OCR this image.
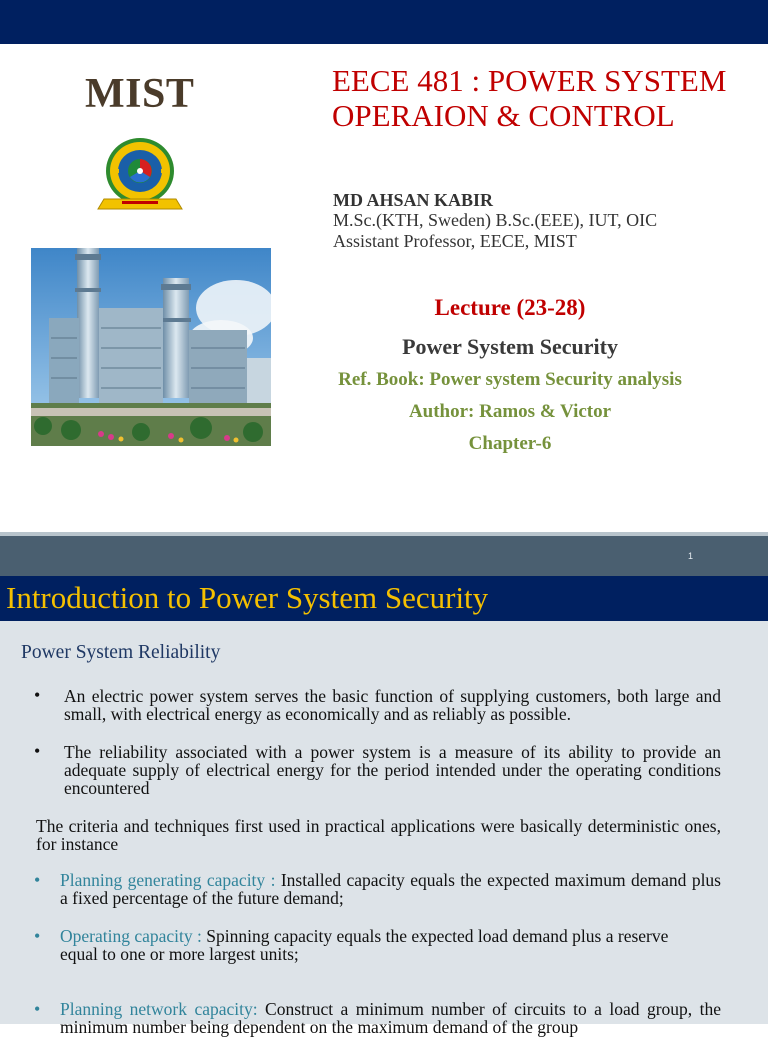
MIST	EECE 481 : POWER SYSTEM OPERAION & CONTROL
MD AHSAN KABIR
M.Sc.(KTH, Sweden) B.Sc.(EEE), IUT, OIC
Assistant Professor, EECE, MIST
Lecture (23-28)
Power System Security
Ref. Book: Power system Security analysis
Author: Ramos & Victor
Chapter-6
1
Introduction to Power System Security
Power System Reliability
• An electric power system serves the basic function of supplying customers, both large and small, with electrical energy as economically and as reliably as possible.
• The reliability associated with a power system is a measure of its ability to provide an adequate supply of electrical energy for the period intended under the operating conditions encountered
The criteria and techniques first used in practical applications were basically deterministic ones, for instance
• Planning generating capacity : Installed capacity equals the expected maximum demand plus a fixed percentage of the future demand;
• Operating capacity : Spinning capacity equals the expected load demand plus a reserve
equal to one or more largest units;
• Planning network capacity: Construct a minimum number of circuits to a load group, the minimum number being dependent on the maximum demand of the group
